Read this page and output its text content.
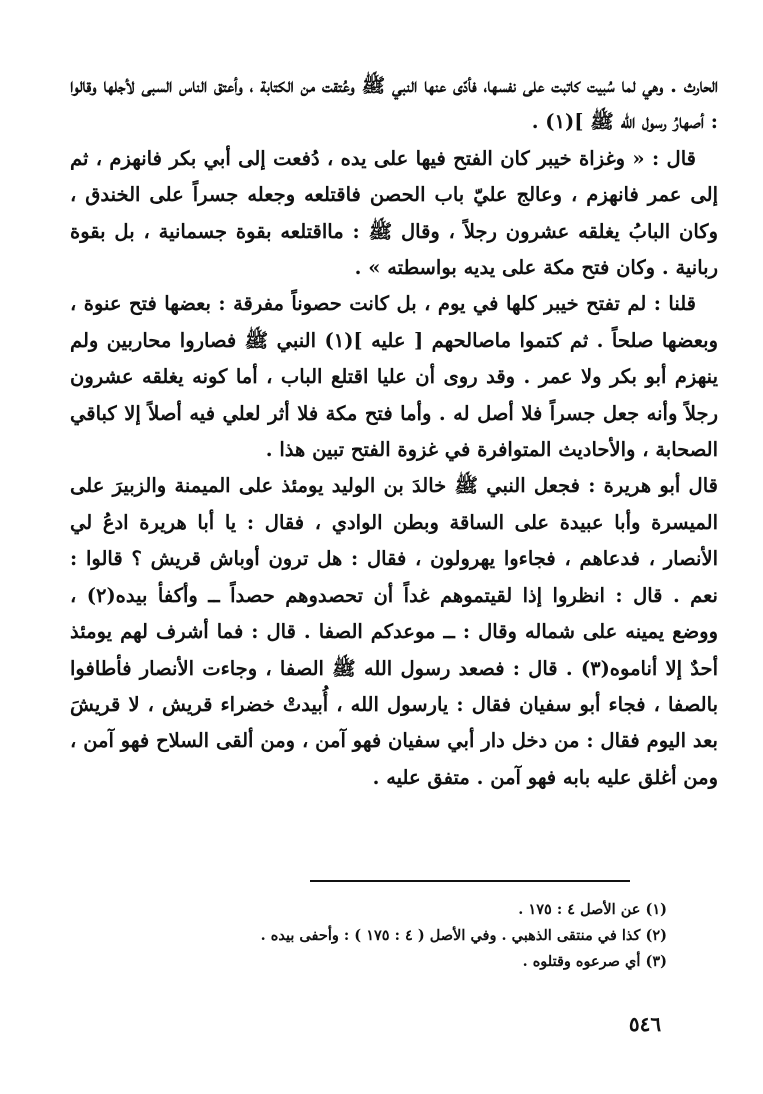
الحارث . وهي لما سُبيت كاتبت على نفسها، فأدّى عنها النبي ﷺ وعُتقت من الكتابة ، وأعتق الناس السبى لأجلها وقالوا : أصهارُ رسول الله ﷺ ](١) .

قال : « وغزاة خيبر كان الفتح فيها على يده ، دُفعت إلى أبي بكر فانهزم ، ثم إلى عمر فانهزم ، وعالج عليّ باب الحصن فاقتلعه وجعله جسراً على الخندق ، وكان البابُ يغلقه عشرون رجلاً ، وقال ﷺ : مااقتلعه بقوة جسمانية ، بل بقوة ربانية . وكان فتح مكة على يديه بواسطته » .

قلنا : لم تفتح خيبر كلها في يوم ، بل كانت حصوناً مفرقة : بعضها فتح عنوة ، وبعضها صلحاً . ثم كتموا ماصالحهم [ عليه ](١) النبي ﷺ فصاروا محاربين ولم ينهزم أبو بكر ولا عمر . وقد روى أن عليا اقتلع الباب ، أما كونه يغلقه عشرون رجلاً وأنه جعل جسراً فلا أصل له . وأما فتح مكة فلا أثر لعلي فيه أصلاً إلا كباقي الصحابة ، والأحاديث المتوافرة في غزوة الفتح تبين هذا .

قال أبو هريرة : فجعل النبي ﷺ خالدَ بن الوليد يومئذ على الميمنة والزبيرَ على الميسرة وأبا عبيدة على الساقة وبطن الوادي ، فقال : يا أبا هريرة ادعُ لي الأنصار ، فدعاهم ، فجاءوا يهرولون ، فقال : هل ترون أوباش قريش ؟ قالوا : نعم . قال : انظروا إذا لقيتموهم غداً أن تحصدوهم حصداً ــ وأكفأ بيده(٢) ، ووضع يمينه على شماله وقال : ــ موعدكم الصفا . قال : فما أشرف لهم يومئذ أحدٌ إلا أناموه(٣) . قال : فصعد رسول الله ﷺ الصفا ، وجاءت الأنصار فأطافوا بالصفا ، فجاء أبو سفيان فقال : يارسول الله ، أُبيدتْ خضراء قريش ، لا قريشَ بعد اليوم فقال : من دخل دار أبي سفيان فهو آمن ، ومن ألقى السلاح فهو آمن ، ومن أغلق عليه بابه فهو آمن . متفق عليه .

(١) عن الأصل ٤ : ١٧٥ .

(٢) كذا في منتقى الذهبي . وفي الأصل ( ٤ : ١٧٥ ) : وأحفى بيده .

(٣) أي صرعوه وقتلوه .

٥٤٦
